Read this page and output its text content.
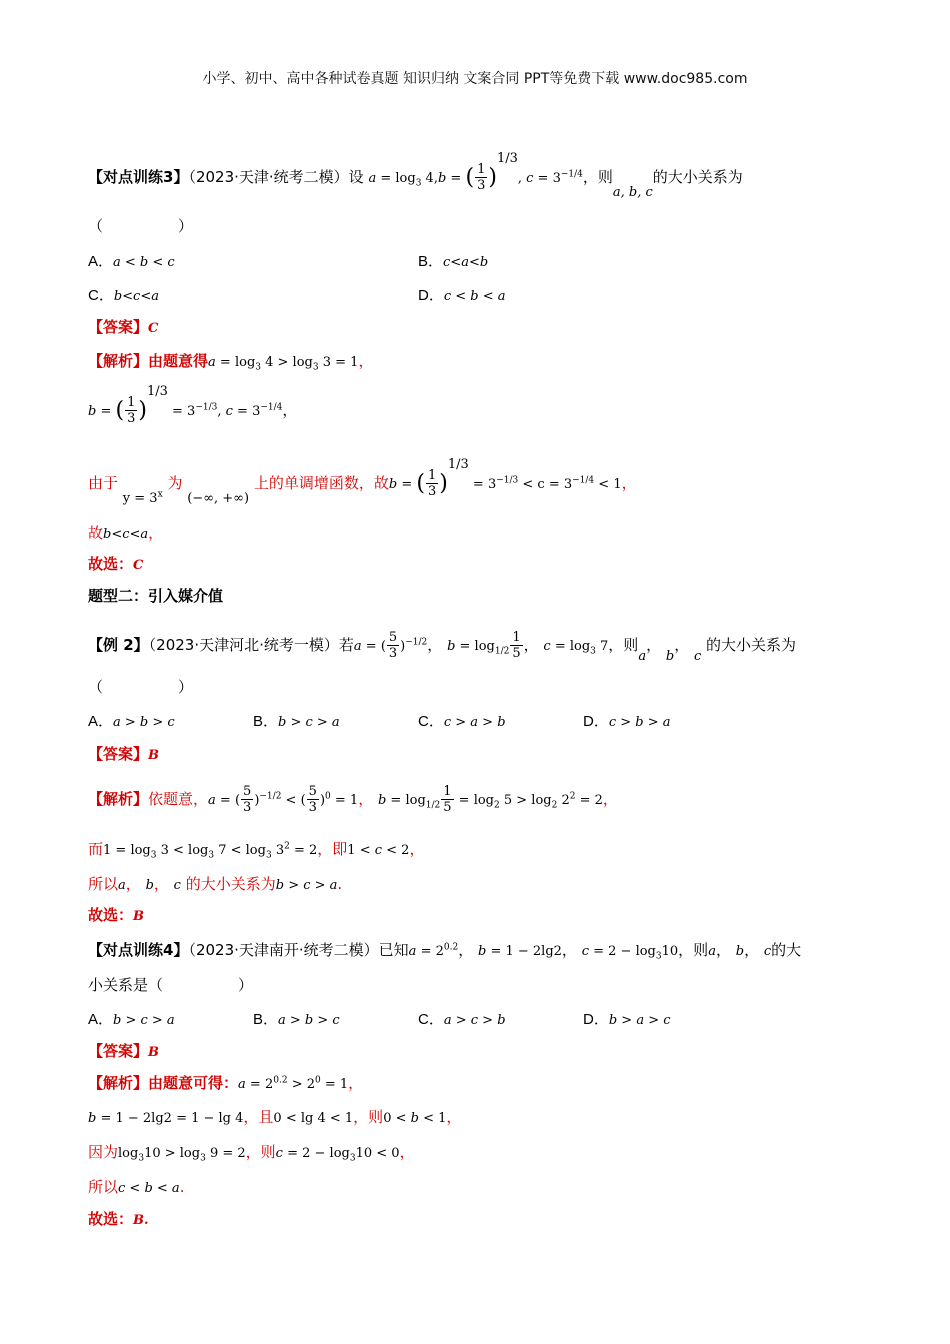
小学、初中、高中各种试卷真题 知识归纳 文案合同 PPT等免费下载 www.doc985.com
【对点训练3】（2023·天津·统考二模）设 $a = \log_3 4,b$ = ( $\frac{1}{3} )^{1/3}$, $c = 3^{-1/4}$，则a, b, c的大小关系为
（　　　　　）
A．a < b < c	B．c<a<b
C．b<c<a	D．c < b < a
【答案】C
【解析】由题意得$a = \log_3 4 > \log_3 3 = 1$，
b = ( $\frac{1}{3} )^{1/3} = 3^{-1/3}$, $c = 3^{-1/4}$，
由于 $y = 3^x$ 为 (−∞, +∞) 上的单调增函数，故b = ( $\frac{1}{3} )^{1/3} = 3^{-1/3} < c = 3^{-1/4} < 1$，
故b<c<a，
故选：C
题型二：引入媒介值
【例 2】（2023·天津河北·统考一模）若a = ( $\frac{5}{3} )^{-1/2}$， $b = \log_{1/2} \frac{1}{5}$ ， $c = \log_3 7$，则a， b， c 的大小关系为
（　　　　　）
A．a > b > c	B．b > c > a	C．c > a > b	D．c > b > a
【答案】B
【解析】依题意，a = ( $\frac{5}{3} )^{-1/2}$ < ( $\frac{5}{3} )^0 = 1$， $b = \log_{1/2} \frac{1}{5} = \log_2 5 > \log_2 2^2 = 2$，
而$1 = \log_3 3 < \log_3 7 < \log_3 3^2 = 2$，即1 < c < 2，
所以a， b， c 的大小关系为b > c > a.
故选：B
【对点训练4】（2023·天津南开·统考二模）已知$a = 2^{0.2}$， b = 1 − 2lg2， $c = 2 - \log_310$，则a， b， c的大
小关系是（　　　　　）
A．b > c > a	B．a > b > c	C．a > c > b	D．b > a > c
【答案】B
【解析】由题意可得：$a = 2^{0.2} > 2^0 = 1$，
b = 1 − 2lg2 = 1 − lg 4，且0 < lg 4 < 1，则0 < b < 1，
因为$\log_310 > \log_3 9 = 2$，则$c = 2 - \log_310 < 0$，
所以c < b < a.
故选：B.
